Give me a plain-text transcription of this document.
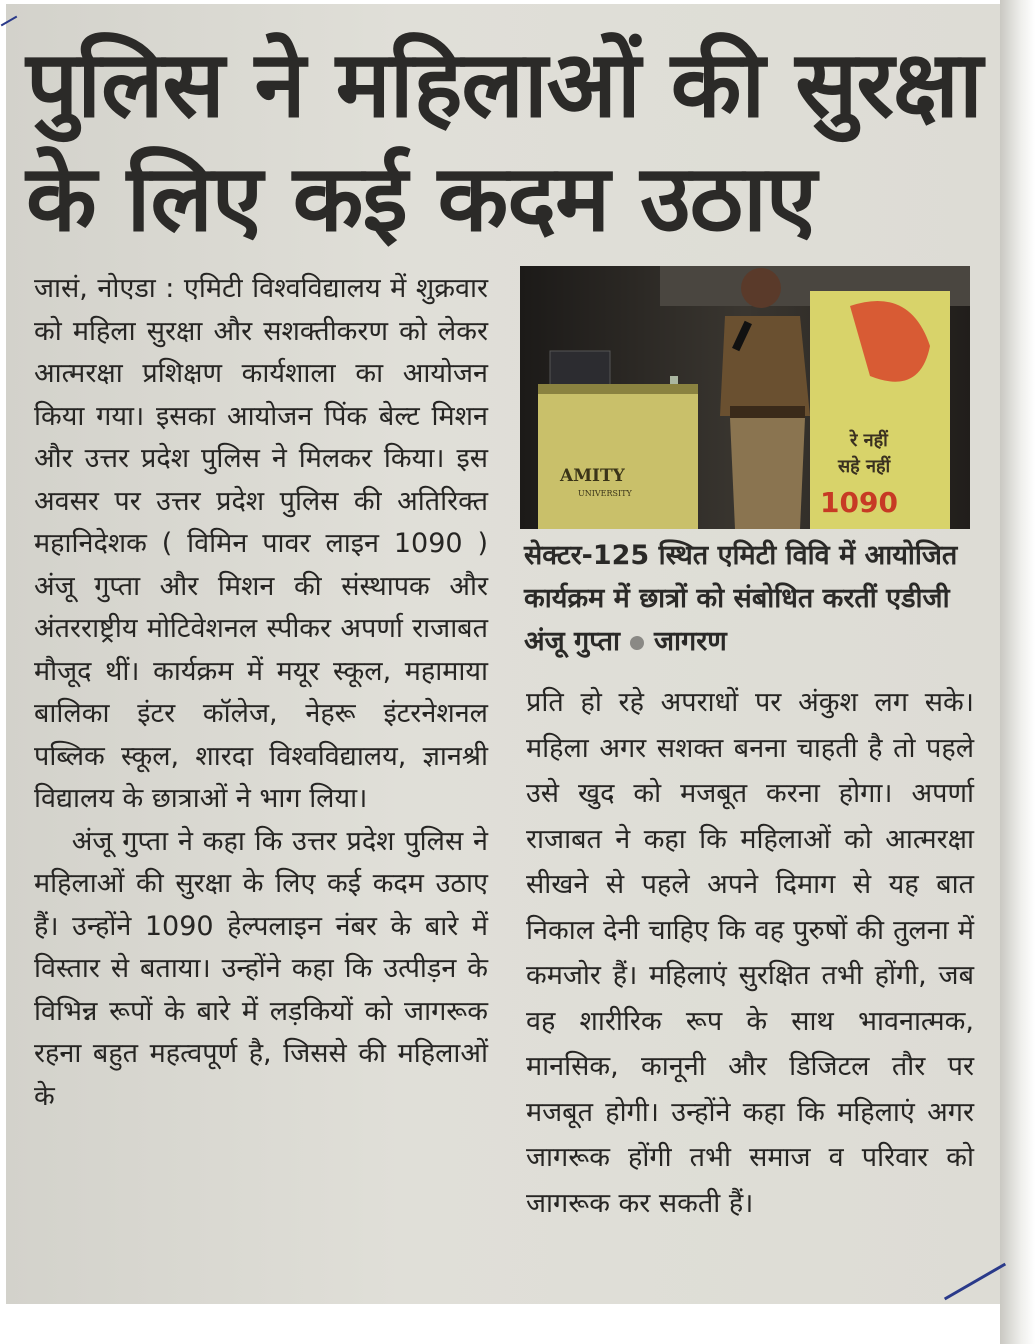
पुलिस ने महिलाओं की सुरक्षा के लिए कई कदम उठाए

जासं, नोएडा : एमिटी विश्वविद्यालय में शुक्रवार को महिला सुरक्षा और सशक्तीकरण को लेकर आत्मरक्षा प्रशिक्षण कार्यशाला का आयोजन किया गया। इसका आयोजन पिंक बेल्ट मिशन और उत्तर प्रदेश पुलिस ने मिलकर किया। इस अवसर पर उत्तर प्रदेश पुलिस की अतिरिक्त महानिदेशक ( विमिन पावर लाइन 1090 ) अंजू गुप्ता और मिशन की संस्थापक और अंतरराष्ट्रीय मोटिवेशनल स्पीकर अपर्णा राजाबत मौजूद थीं। कार्यक्रम में मयूर स्कूल, महामाया बालिका इंटर कॉलेज, नेहरू इंटरनेशनल पब्लिक स्कूल, शारदा विश्वविद्यालय, ज्ञानश्री विद्यालय के छात्राओं ने भाग लिया।

अंजू गुप्ता ने कहा कि उत्तर प्रदेश पुलिस ने महिलाओं की सुरक्षा के लिए कई कदम उठाए हैं। उन्होंने 1090 हेल्पलाइन नंबर के बारे में विस्तार से बताया। उन्होंने कहा कि उत्पीड़न के विभिन्न रूपों के बारे में लड़कियों को जागरूक रहना बहुत महत्वपूर्ण है, जिससे की महिलाओं के

रे नहीं
सहे नहीं
1090
AMITY
UNIVERSITY
सेक्टर-125 स्थित एमिटी विवि में आयोजित कार्यक्रम में छात्रों को संबोधित करतीं एडीजी अंजू गुप्ता जागरण

प्रति हो रहे अपराधों पर अंकुश लग सके। महिला अगर सशक्त बनना चाहती है तो पहले उसे खुद को मजबूत करना होगा। अपर्णा राजाबत ने कहा कि महिलाओं को आत्मरक्षा सीखने से पहले अपने दिमाग से यह बात निकाल देनी चाहिए कि वह पुरुषों की तुलना में कमजोर हैं। महिलाएं सुरक्षित तभी होंगी, जब वह शारीरिक रूप के साथ भावनात्मक, मानसिक, कानूनी और डिजिटल तौर पर मजबूत होगी। उन्होंने कहा कि महिलाएं अगर जागरूक होंगी तभी समाज व परिवार को जागरूक कर सकती हैं।
